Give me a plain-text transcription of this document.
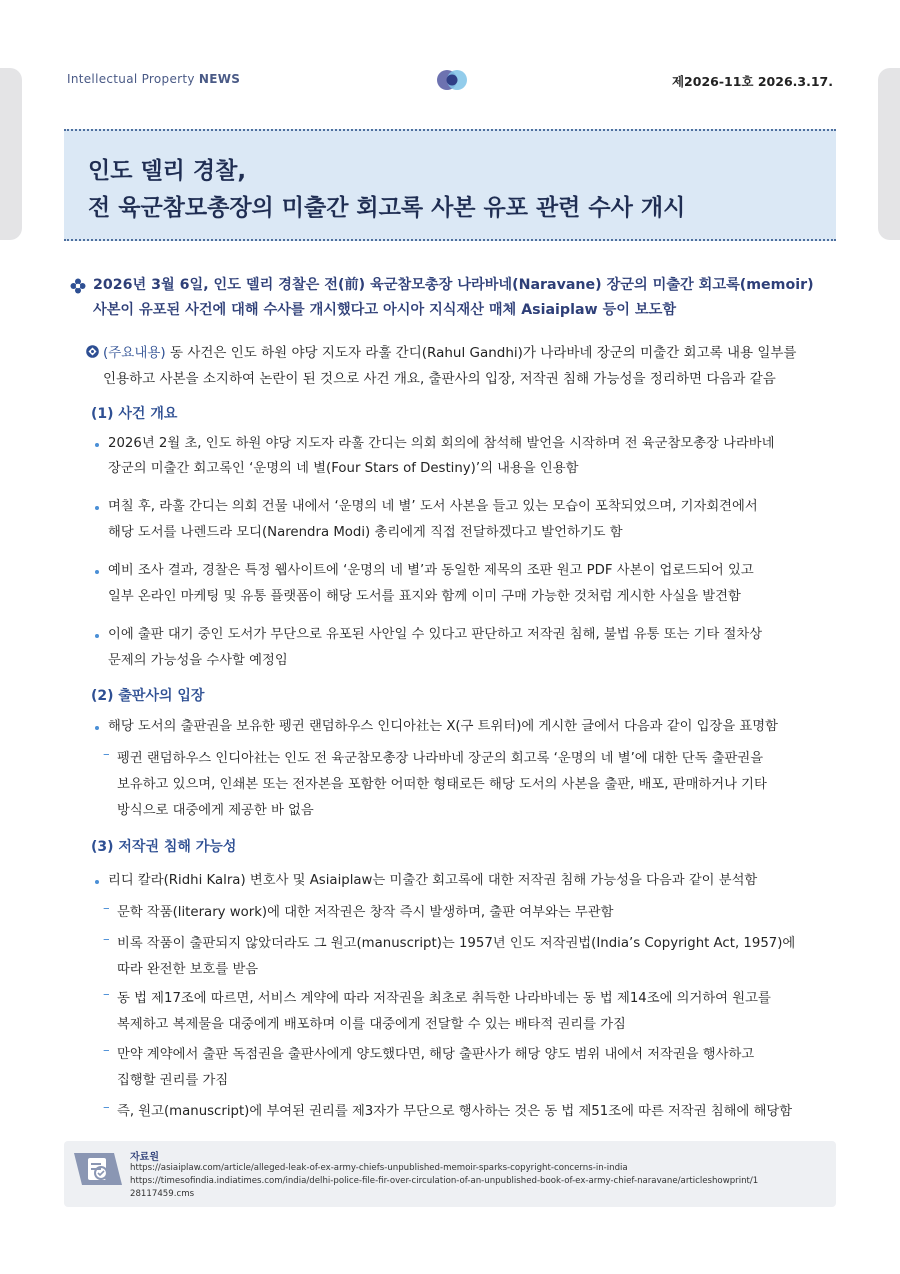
Intellectual Property NEWS	제2026-11호 2026.3.17.
인도 델리 경찰,
전 육군참모총장의 미출간 회고록 사본 유포 관련 수사 개시
2026년 3월 6일, 인도 델리 경찰은 전(前) 육군참모총장 나라바네(Naravane) 장군의 미출간 회고록(memoir)
사본이 유포된 사건에 대해 수사를 개시했다고 아시아 지식재산 매체 Asiaiplaw 등이 보도함
(주요내용) 동 사건은 인도 하원 야당 지도자 라훌 간디(Rahul Gandhi)가 나라바네 장군의 미출간 회고록 내용 일부를
인용하고 사본을 소지하여 논란이 된 것으로 사건 개요, 출판사의 입장, 저작권 침해 가능성을 정리하면 다음과 같음
(1) 사건 개요
2026년 2월 초, 인도 하원 야당 지도자 라훌 간디는 의회 회의에 참석해 발언을 시작하며 전 육군참모총장 나라바네
장군의 미출간 회고록인 ‘운명의 네 별(Four Stars of Destiny)’의 내용을 인용함
며칠 후, 라훌 간디는 의회 건물 내에서 ‘운명의 네 별’ 도서 사본을 들고 있는 모습이 포착되었으며, 기자회견에서
해당 도서를 나렌드라 모디(Narendra Modi) 총리에게 직접 전달하겠다고 발언하기도 함
예비 조사 결과, 경찰은 특정 웹사이트에 ‘운명의 네 별’과 동일한 제목의 조판 원고 PDF 사본이 업로드되어 있고
일부 온라인 마케팅 및 유통 플랫폼이 해당 도서를 표지와 함께 이미 구매 가능한 것처럼 게시한 사실을 발견함
이에 출판 대기 중인 도서가 무단으로 유포된 사안일 수 있다고 판단하고 저작권 침해, 불법 유통 또는 기타 절차상
문제의 가능성을 수사할 예정임
(2) 출판사의 입장
해당 도서의 출판권을 보유한 펭귄 랜덤하우스 인디아社는 X(구 트위터)에 게시한 글에서 다음과 같이 입장을 표명함
– 펭귄 랜덤하우스 인디아社는 인도 전 육군참모총장 나라바네 장군의 회고록 ‘운명의 네 별’에 대한 단독 출판권을
보유하고 있으며, 인쇄본 또는 전자본을 포함한 어떠한 형태로든 해당 도서의 사본을 출판, 배포, 판매하거나 기타
방식으로 대중에게 제공한 바 없음
(3) 저작권 침해 가능성
리디 칼라(Ridhi Kalra) 변호사 및 Asiaiplaw는 미출간 회고록에 대한 저작권 침해 가능성을 다음과 같이 분석함
– 문학 작품(literary work)에 대한 저작권은 창작 즉시 발생하며, 출판 여부와는 무관함
– 비록 작품이 출판되지 않았더라도 그 원고(manuscript)는 1957년 인도 저작권법(India’s Copyright Act, 1957)에
따라 완전한 보호를 받음
– 동 법 제17조에 따르면, 서비스 계약에 따라 저작권을 최초로 취득한 나라바네는 동 법 제14조에 의거하여 원고를
복제하고 복제물을 대중에게 배포하며 이를 대중에게 전달할 수 있는 배타적 권리를 가짐
– 만약 계약에서 출판 독점권을 출판사에게 양도했다면, 해당 출판사가 해당 양도 범위 내에서 저작권을 행사하고
집행할 권리를 가짐
– 즉, 원고(manuscript)에 부여된 권리를 제3자가 무단으로 행사하는 것은 동 법 제51조에 따른 저작권 침해에 해당함
자료원
https://asiaiplaw.com/article/alleged-leak-of-ex-army-chiefs-unpublished-memoir-sparks-copyright-concerns-in-india
https://timesofindia.indiatimes.com/india/delhi-police-file-fir-over-circulation-of-an-unpublished-book-of-ex-army-chief-naravane/articleshowprint/1
28117459.cms
